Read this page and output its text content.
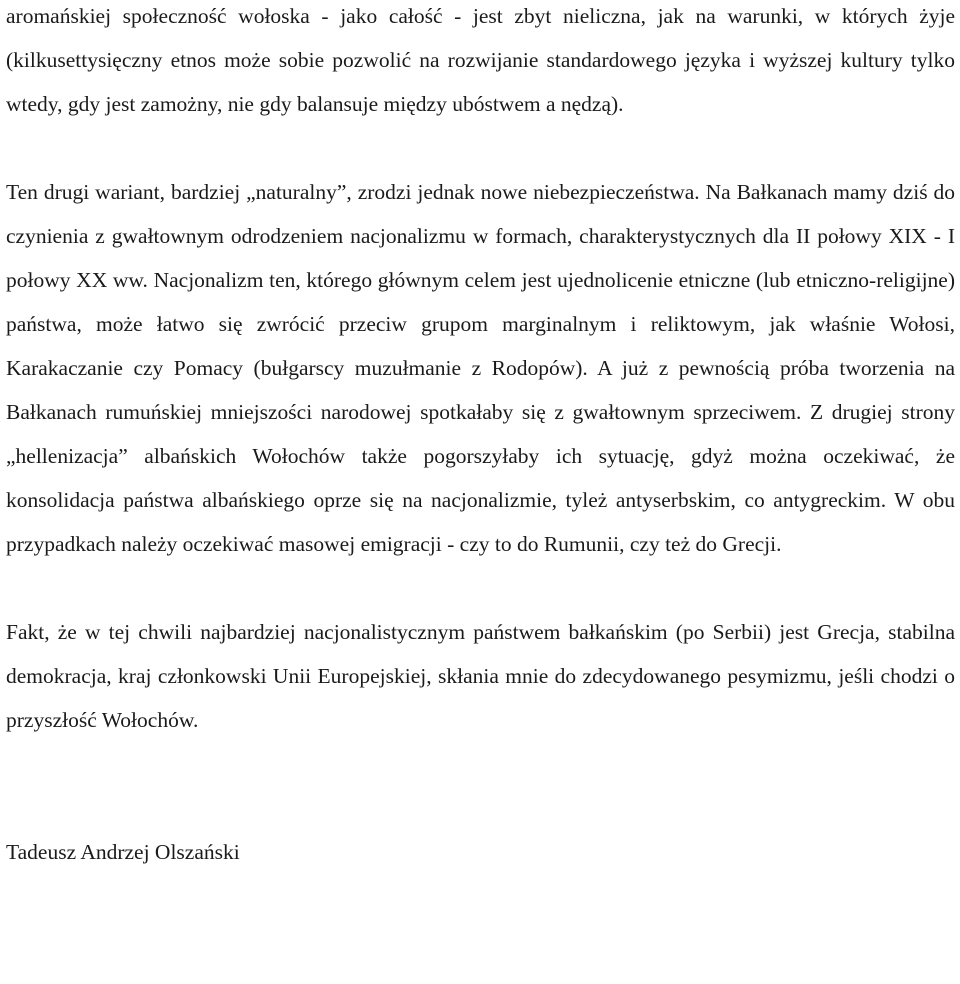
aromańskiej społeczność wołoska - jako całość - jest zbyt nieliczna, jak na warunki, w których żyje (kilkusettysięczny etnos może sobie pozwolić na rozwijanie standardowego języka i wyższej kultury tylko wtedy, gdy jest zamożny, nie gdy balansuje między ubóstwem a nędzą).

Ten drugi wariant, bardziej „naturalny”, zrodzi jednak nowe niebezpieczeństwa. Na Bałkanach mamy dziś do czynienia z gwałtownym odrodzeniem nacjonalizmu w formach, charakterystycznych dla II połowy XIX - I połowy XX ww. Nacjonalizm ten, którego głównym celem jest ujednolicenie etniczne (lub etniczno-religijne) państwa, może łatwo się zwrócić przeciw grupom marginalnym i reliktowym, jak właśnie Wołosi, Karakaczanie czy Pomacy (bułgarscy muzułmanie z Rodopów). A już z pewnością próba tworzenia na Bałkanach rumuńskiej mniejszości narodowej spotkałaby się z gwałtownym sprzeciwem. Z drugiej strony „hellenizacja” albańskich Wołochów także pogorszyłaby ich sytuację, gdyż można oczekiwać, że konsolidacja państwa albańskiego oprze się na nacjonalizmie, tyleż antyserbskim, co antygreckim. W obu przypadkach należy oczekiwać masowej emigracji - czy to do Rumunii, czy też do Grecji.

Fakt, że w tej chwili najbardziej nacjonalistycznym państwem bałkańskim (po Serbii) jest Grecja, stabilna demokracja, kraj członkowski Unii Europejskiej, skłania mnie do zdecydowanego pesymizmu, jeśli chodzi o przyszłość Wołochów.

Tadeusz Andrzej Olszański
